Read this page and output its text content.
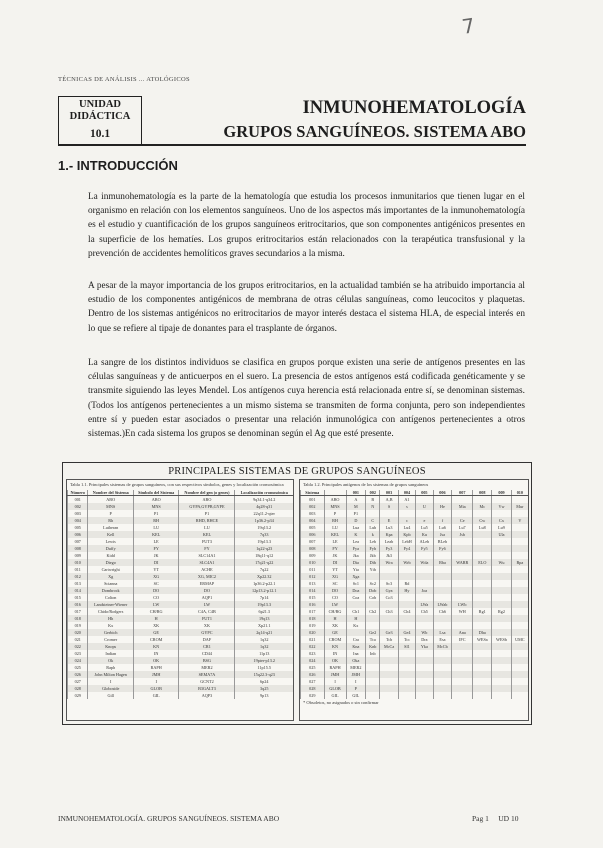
7
TÉCNICAS DE ANÁLISIS ... ATOLÓGICOS
UNIDAD
DIDÁCTICA
10.1
INMUNOHEMATOLOGÍA
GRUPOS SANGUÍNEOS. SISTEMA ABO
1.- INTRODUCCIÓN

La inmunohematología es la parte de la hematología que estudia los procesos inmunitarios que tienen lugar en el organismo en relación con los elementos sanguíneos. Uno de los aspectos más importantes de la inmunohematología es el estudio y cuantificación de los grupos sanguíneos eritrocitarios, que son componentes antigénicos presentes en la superficie de los hematíes. Los grupos eritrocitarios están relacionados con la terapéutica transfusional y la prevención de accidentes hemolíticos graves secundarios a la misma.

A pesar de la mayor importancia de los grupos eritrocitarios, en la actualidad también se ha atribuido importancia al estudio de los componentes antigénicos de membrana de otras células sanguíneas, como leucocitos y plaquetas. Dentro de los sistemas antigénicos no eritrocitarios de mayor interés destaca el sistema HLA, de especial interés en lo que se refiere al tipaje de donantes para el trasplante de órganos.

La sangre de los distintos individuos se clasifica en grupos porque existen una serie de antígenos presentes en las células sanguíneas y de anticuerpos en el suero. La presencia de estos antígenos está codificada genéticamente y se transmite siguiendo las leyes Mendel. Los antígenos cuya herencia está relacionada entre sí, se denominan sistemas. (Todos los antígenos pertenecientes a un mismo sistema se transmiten de forma conjunta, pero son independientes entre sí y pueden estar asociados o presentar una relación inmunológica con antígenos pertenecientes a otros sistemas.)En cada sistema los grupos se denominan según el Ag que esté presente.

PRINCIPALES SISTEMAS DE GRUPOS SANGUÍNEOS
Tabla 1.1. Principales sistemas de grupos sanguíneos, con sus respectivos símbolos, genes y localización cromosómica
Número	Nombre del Sistema	Símbolo del Sistema	Nombre del gen (o genes)	Localización cromosómica
001	ABO	ABO	ABO	9q34.1-q34.2
002	MNS	MNS	GYPA,GYPB,GYPE	4q28-q31
003	P	P1	P1	22q11.2-qter
004	Rh	RH	RHD, RHCE	1p36.2-p34
005	Lutheran	LU	LU	19q13.2
006	Kell	KEL	KEL	7q33
007	Lewis	LE	FUT3	19p13.3
008	Duffy	FY	FY	1q22-q23
009	Kidd	JK	SLC14A1	18q11-q12
010	Diego	DI	SLC4A1	17q21-q22
011	Cartwright	YT	ACHE	7q22
012	Xg	XG	XG, MIC2	Xp22.32
013	Scianna	SC	ERMAP	1p36.2-p22.1
014	Dombrock	DO	DO	12p13.2-p12.1
015	Colton	CO	AQP1	7p14
016	Landsteiner-Wiener	LW	LW	19p13.3
017	Chido/Rodgers	CH/RG	C4A, C4B	6p21.3
018	Hh	H	FUT1	19q13
019	Kx	XK	XK	Xp21.1
020	Gerbich	GE	GYPC	2q14-q21
021	Cromer	CROM	DAF	1q32
022	Knops	KN	CR1	1q32
023	Indian	IN	CD44	11p13
024	Ok	OK	BSG	19pter-p13.2
025	Raph	RAPH	MER2	11p15.5
026	John Milton Hagen	JMH	SEMA7A	15q22.3-q23
027	I	I	GCNT2	6p24
028	Globoside	GLOB	B3GALT3	3q25
029	Gill	GIL	AQP3	9p13
Tabla 1.2. Principales antígenos de los sistemas de grupos sanguíneos
Sistema		001	002	003	004	005	006	007	008	009	010
001	ABO	A	B	A,B	A1						
002	MNS	M	N	S	s	U	He	Mia	Mc	Vw	Mur
003	P	P1									
004	RH	D	C	E	c	e	f	Ce	Cw	Cx	V
005	LU	Lua	Lub	Lu3	Lu4	Lu5	Lu6	Lu7	Lu8	Lu9	
006	KEL	K	k	Kpa	Kpb	Ku	Jsa	Jsb		Ula	
007	LE	Lea	Leb	Leab	LebH	ALeb	BLeb				
008	FY	Fya	Fyb	Fy3	Fy4	Fy5	Fy6				
009	JK	Jka	Jkb	Jk3							
010	DI	Dia	Dib	Wra	Wrb	Wda	Rba	WARR	ELO	Wu	Bpa
011	YT	Yta	Ytb								
012	XG	Xga									
013	SC	Sc1	Sc2	Sc3	Rd						
014	DO	Doa	Dob	Gya	Hy	Joa					
015	CO	Coa	Cob	Co3							
016	LW					LWa	LWab	LWb			
017	CH/RG	Ch1	Ch2	Ch3	Ch4	Ch5	Ch6	WH	Rg1	Rg2	
018	H	H									
019	XK	Kx									
020	GE		Ge2	Ge3	Ge4	Wb	Lsa	Ana	Dha		
021	CROM	Cra	Tca	Tcb	Tcc	Dra	Esa	IFC	WESa	WESb	UMC
022	KN	Kna	Knb	McCa	Sl1	Yka	McCb				
023	IN	Ina	Inb								
024	OK	Oka									
025	RAPH	MER2									
026	JMH	JMH									
027	I	I									
028	GLOB	P									
029	GIL	GIL									
* Obsoletos, no asignados o sin confirmar
INMUNOHEMATOLOGÍA. GRUPOS SANGUÍNEOS. SISTEMA ABO	Pag 1     UD 10
